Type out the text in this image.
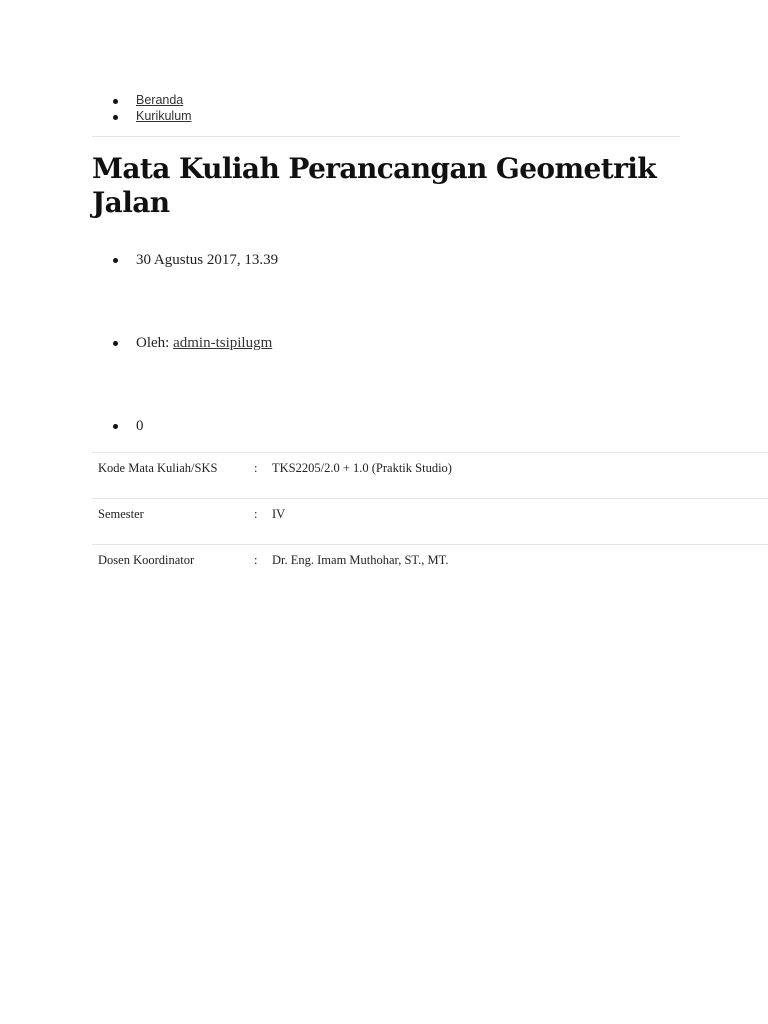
Beranda
Kurikulum
Mata Kuliah Perancangan Geometrik Jalan
30 Agustus 2017, 13.39
Oleh: admin-tsipilugm
0
Kode Mata Kuliah/SKS	:	TKS2205/2.0 + 1.0 (Praktik Studio)
Semester	:	IV
Dosen Koordinator	:	Dr. Eng. Imam Muthohar, ST., MT.
